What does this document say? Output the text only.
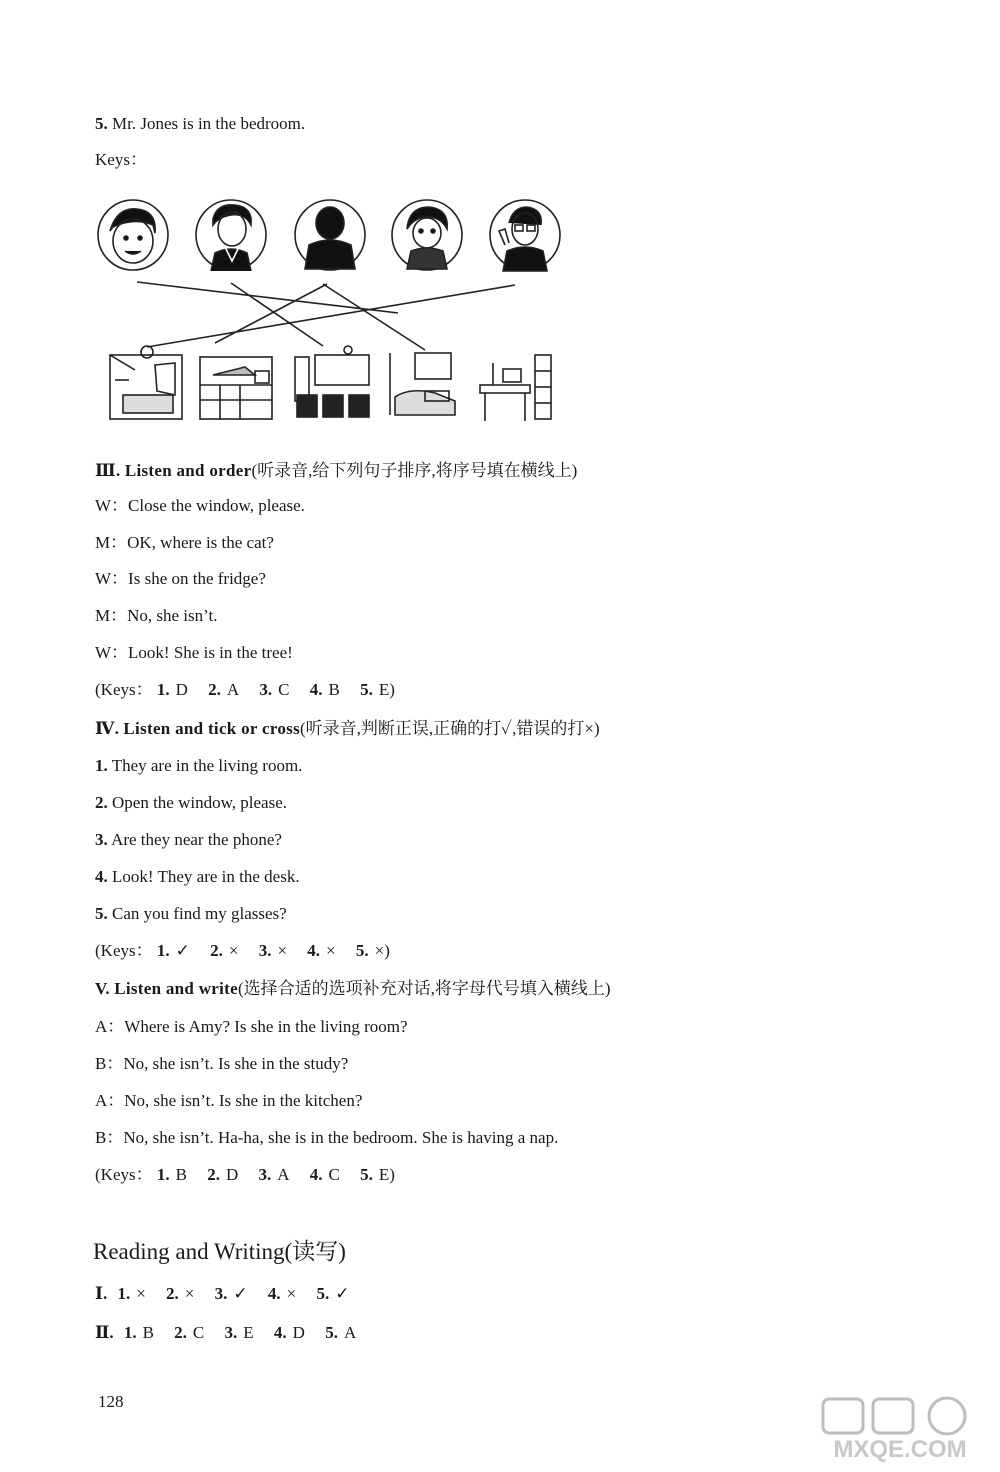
5. Mr. Jones is in the bedroom.
Keys：
Ⅲ. Listen and order(听录音,给下列句子排序,将序号填在横线上)
W：Close the window, please.
M：OK, where is the cat?
W：Is she on the fridge?
M：No, she isn’t.
W：Look! She is in the tree!
(Keys： 1. D 2. A 3. C 4. B 5. E)
Ⅳ. Listen and tick or cross(听录音,判断正误,正确的打✓,错误的打×)
1. They are in the living room.
2. Open the window, please.
3. Are they near the phone?
4. Look! They are in the desk.
5. Can you find my glasses?
(Keys： 1. ✓ 2. × 3. × 4. × 5. ×)
V. Listen and write(选择合适的选项补充对话,将字母代号填入横线上)
A：Where is Amy? Is she in the living room?
B：No, she isn’t. Is she in the study?
A：No, she isn’t. Is she in the kitchen?
B：No, she isn’t. Ha-ha, she is in the bedroom. She is having a nap.
(Keys： 1. B 2. D 3. A 4. C 5. E)
Reading and Writing(读写)
Ⅰ. 1. × 2. × 3. ✓ 4. × 5. ✓
Ⅱ. 1. B 2. C 3. E 4. D 5. A
128
MXQE.COM
